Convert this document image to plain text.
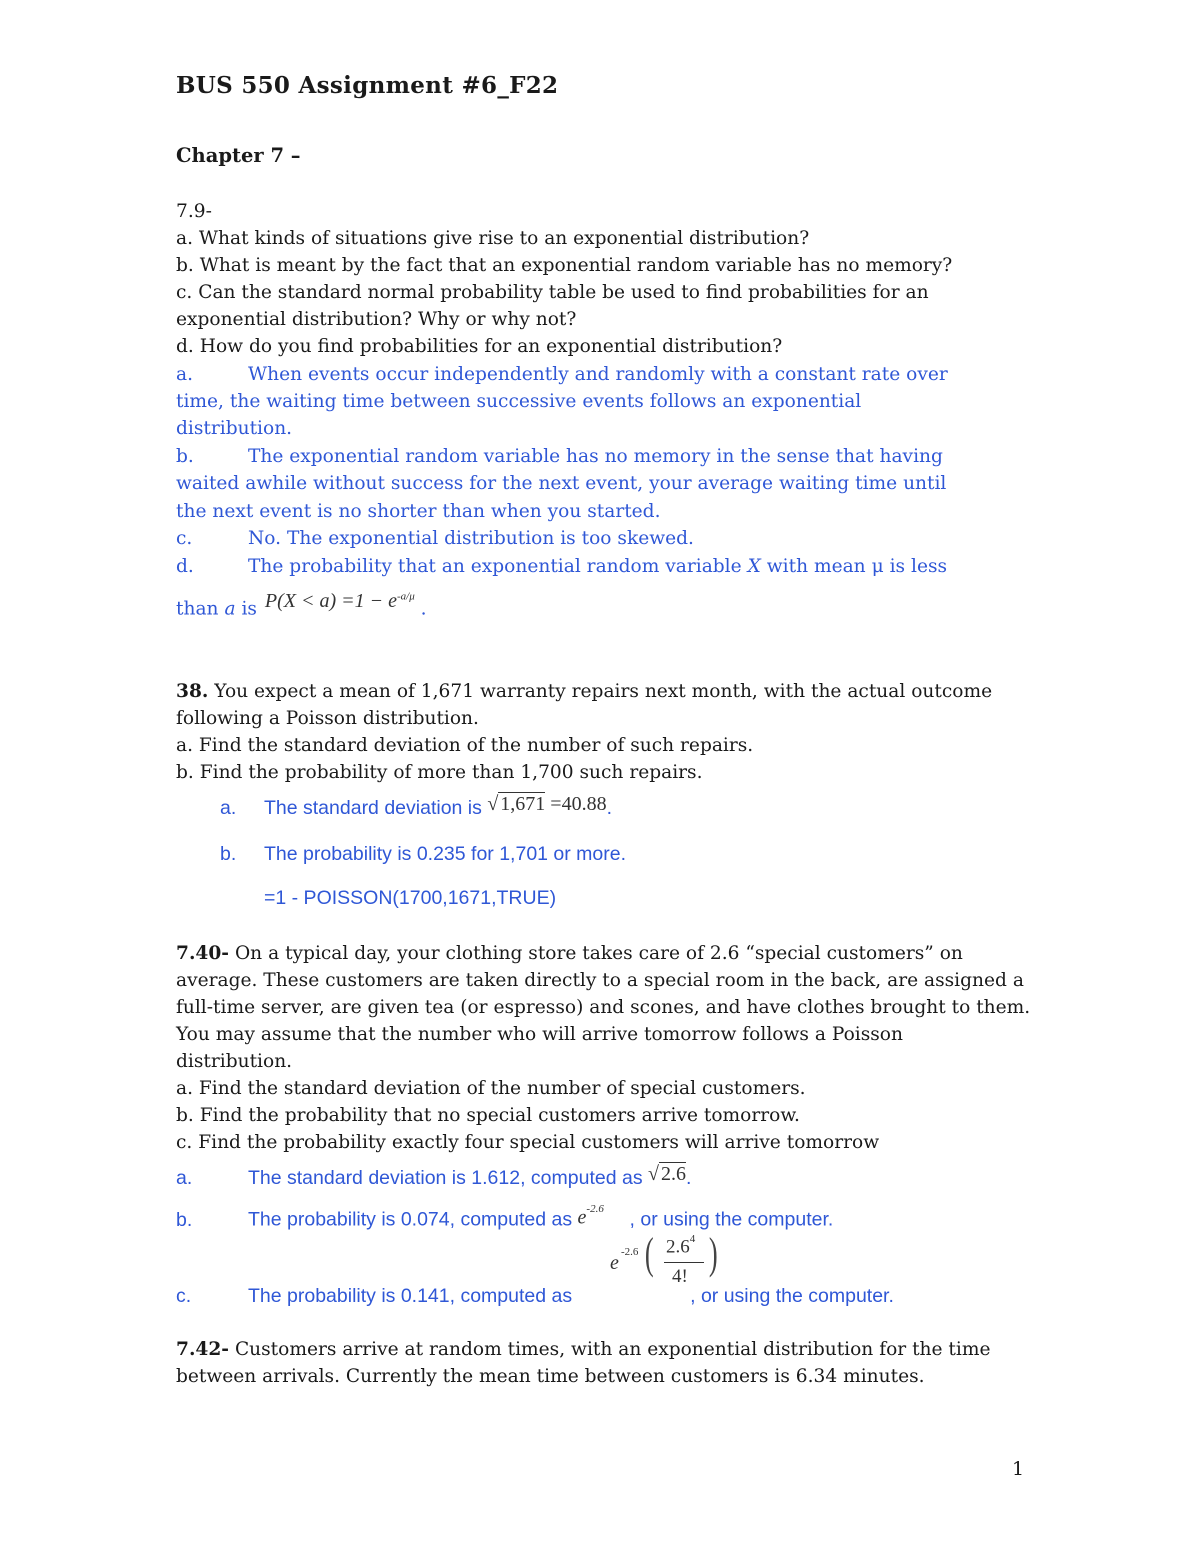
BUS 550 Assignment #6_F22
Chapter 7 –
7.9-
a. What kinds of situations give rise to an exponential distribution?
b. What is meant by the fact that an exponential random variable has no memory?
c. Can the standard normal probability table be used to find probabilities for an
exponential distribution? Why or why not?
d. How do you find probabilities for an exponential distribution?
a.	When events occur independently and randomly with a constant rate over
time, the waiting time between successive events follows an exponential
distribution.
b.	The exponential random variable has no memory in the sense that having
waited awhile without success for the next event, your average waiting time until
the next event is no shorter than when you started.
c.	No. The exponential distribution is too skewed.
d.	The probability that an exponential random variable X with mean μ is less
than a is $P(X < a) =1 - e^{-a/\mu}$ .
38. You expect a mean of 1,671 warranty repairs next month, with the actual outcome
following a Poisson distribution.
a. Find the standard deviation of the number of such repairs.
b. Find the probability of more than 1,700 such repairs.
a. The standard deviation is √ 1,671 =40.88.
b. The probability is 0.235 for 1,701 or more.
=1 - POISSON(1700,1671,TRUE)
7.40- On a typical day, your clothing store takes care of 2.6 “special customers” on
average. These customers are taken directly to a special room in the back, are assigned a
full-time server, are given tea (or espresso) and scones, and have clothes brought to them.
You may assume that the number who will arrive tomorrow follows a Poisson
distribution.
a. Find the standard deviation of the number of special customers.
b. Find the probability that no special customers arrive tomorrow.
c. Find the probability exactly four special customers will arrive tomorrow
a.	The standard deviation is 1.612, computed as √ 2.6.
b.	The probability is 0.074, computed as $e^{-2.6}$ , or using the computer.
e -2.6 ( $2.6^4$
4! )
c.	The probability is 0.141, computed as	, or using the computer.
7.42- Customers arrive at random times, with an exponential distribution for the time
between arrivals. Currently the mean time between customers is 6.34 minutes.
1
